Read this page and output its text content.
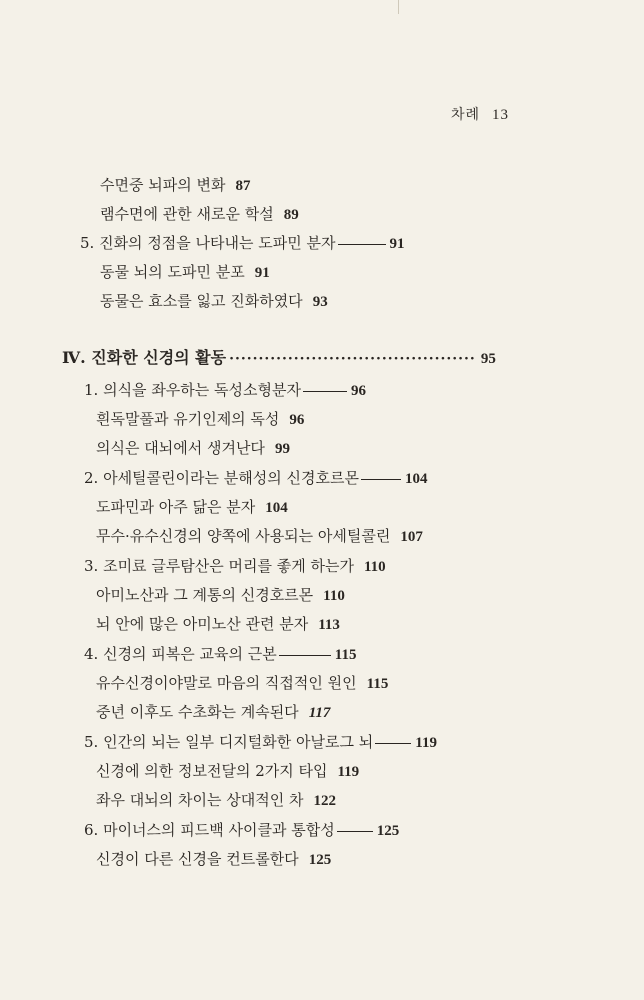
차례 13
수면중 뇌파의 변화 87
램수면에 관한 새로운 학설 89
5. 진화의 정점을 나타내는 도파민 분자	91
동물 뇌의 도파민 분포 91
동물은 효소를 잃고 진화하였다 93
Ⅳ. 진화한 신경의 활동 ·········································· 95
1. 의식을 좌우하는 독성소형분자	96
흰독말풀과 유기인제의 독성 96
의식은 대뇌에서 생겨난다 99
2. 아세틸콜린이라는 분해성의 신경호르몬	104
도파민과 아주 닮은 분자 104
무수·유수신경의 양쪽에 사용되는 아세틸콜린 107
3. 조미료 글루탐산은 머리를 좋게 하는가 110
아미노산과 그 계통의 신경호르몬 110
뇌 안에 많은 아미노산 관련 분자 113
4. 신경의 피복은 교육의 근본	115
유수신경이야말로 마음의 직접적인 원인 115
중년 이후도 수초화는 계속된다 117
5. 인간의 뇌는 일부 디지털화한 아날로그 뇌	119
신경에 의한 정보전달의 2가지 타입 119
좌우 대뇌의 차이는 상대적인 차 122
6. 마이너스의 피드백 사이클과 통합성	125
신경이 다른 신경을 컨트롤한다 125
